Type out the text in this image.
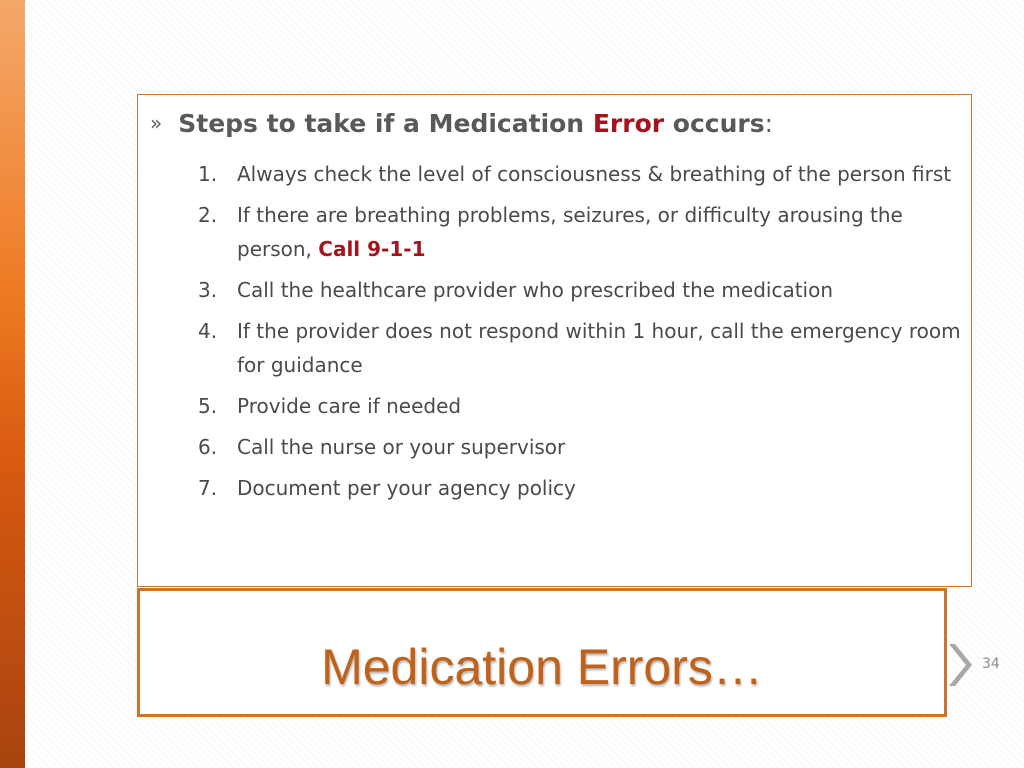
» Steps to take if a Medication Error occurs:
1. Always check the level of consciousness & breathing of the person first
2. If there are breathing problems, seizures, or difficulty arousing the person, Call 9-1-1
3. Call the healthcare provider who prescribed the medication
4. If the provider does not respond within 1 hour, call the emergency room for guidance
5. Provide care if needed
6. Call the nurse or your supervisor
7. Document per your agency policy
Medication Errors…	34
